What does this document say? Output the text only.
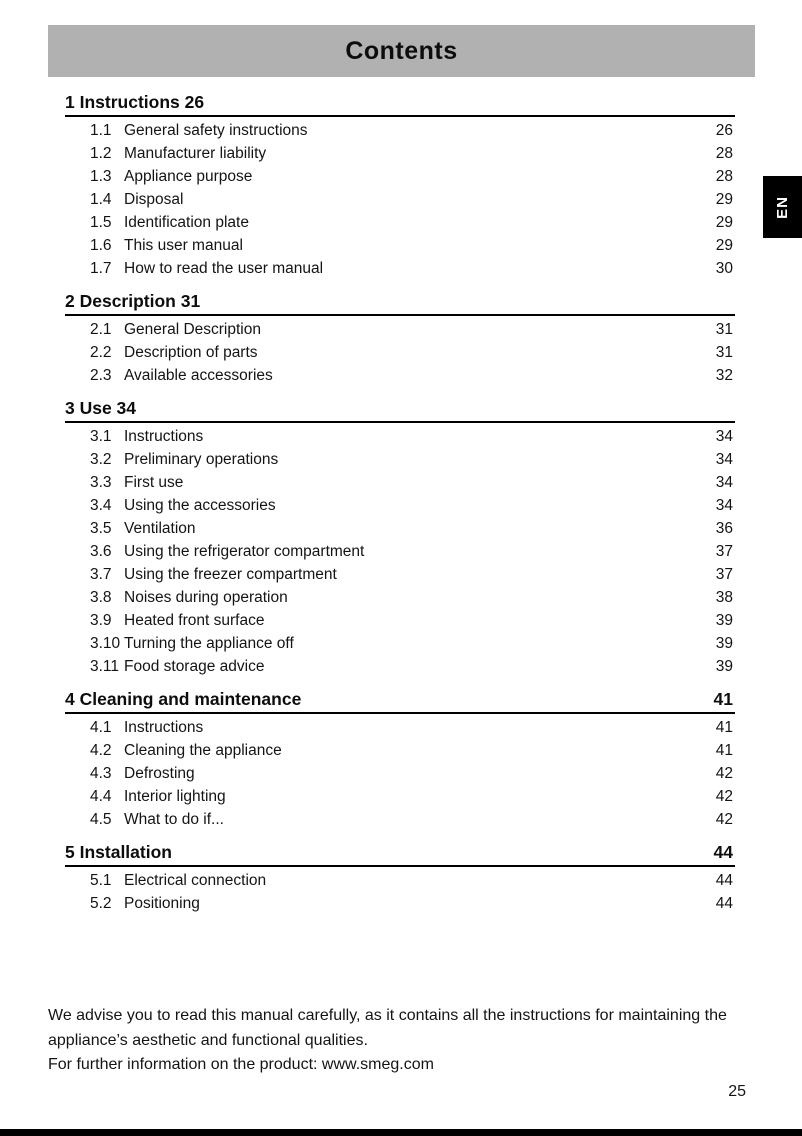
Contents
EN
1 Instructions 26
1.1 General safety instructions	26
1.2 Manufacturer liability	28
1.3 Appliance purpose	28
1.4 Disposal	29
1.5 Identification plate	29
1.6 This user manual	29
1.7 How to read the user manual	30
2 Description 31
2.1 General Description	31
2.2 Description of parts	31
2.3 Available accessories	32
3 Use 34
3.1 Instructions	34
3.2 Preliminary operations	34
3.3 First use	34
3.4 Using the accessories	34
3.5 Ventilation	36
3.6 Using the refrigerator compartment	37
3.7 Using the freezer compartment	37
3.8 Noises during operation	38
3.9 Heated front surface	39
3.10 Turning the appliance off	39
3.11 Food storage advice	39
4 Cleaning and maintenance	41
4.1 Instructions	41
4.2 Cleaning the appliance	41
4.3 Defrosting	42
4.4 Interior lighting	42
4.5 What to do if...	42
5 Installation	44
5.1 Electrical connection	44
5.2 Positioning	44

We advise you to read this manual carefully, as it contains all the instructions for maintaining the appliance’s aesthetic and functional qualities.

For further information on the product: www.smeg.com

25
